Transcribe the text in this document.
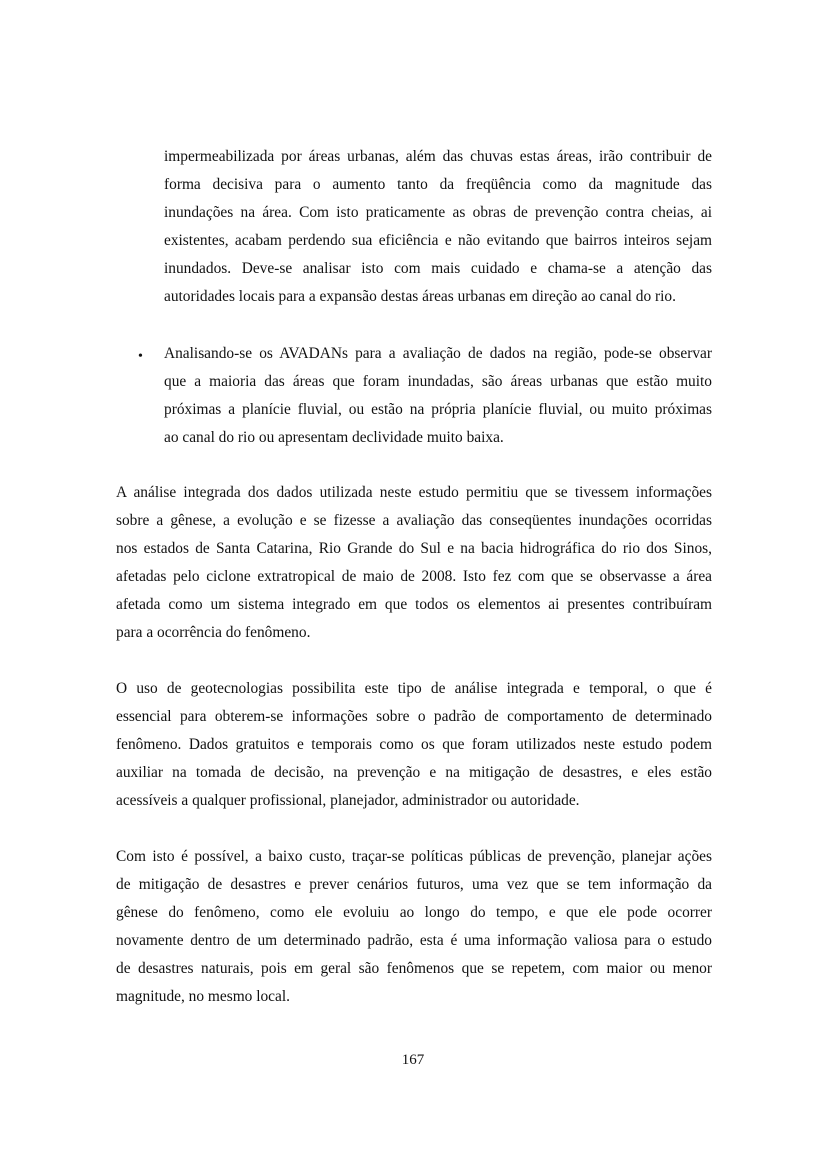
impermeabilizada por áreas urbanas, além das chuvas estas áreas, irão contribuir de
forma decisiva para o aumento tanto da freqüência como da magnitude das
inundações na área. Com isto praticamente as obras de prevenção contra cheias, ai
existentes, acabam perdendo sua eficiência e não evitando que bairros inteiros sejam
inundados. Deve-se analisar isto com mais cuidado e chama-se a atenção das
autoridades locais para a expansão destas áreas urbanas em direção ao canal do rio.
• Analisando-se os AVADANs para a avaliação de dados na região, pode-se observar
que a maioria das áreas que foram inundadas, são áreas urbanas que estão muito
próximas a planície fluvial, ou estão na própria planície fluvial, ou muito próximas
ao canal do rio ou apresentam declividade muito baixa.
A análise integrada dos dados utilizada neste estudo permitiu que se tivessem informações
sobre a gênese, a evolução e se fizesse a avaliação das conseqüentes inundações ocorridas
nos estados de Santa Catarina, Rio Grande do Sul e na bacia hidrográfica do rio dos Sinos,
afetadas pelo ciclone extratropical de maio de 2008. Isto fez com que se observasse a área
afetada como um sistema integrado em que todos os elementos ai presentes contribuíram
para a ocorrência do fenômeno.
O uso de geotecnologias possibilita este tipo de análise integrada e temporal, o que é
essencial para obterem-se informações sobre o padrão de comportamento de determinado
fenômeno. Dados gratuitos e temporais como os que foram utilizados neste estudo podem
auxiliar na tomada de decisão, na prevenção e na mitigação de desastres, e eles estão
acessíveis a qualquer profissional, planejador, administrador ou autoridade.
Com isto é possível, a baixo custo, traçar-se políticas públicas de prevenção, planejar ações
de mitigação de desastres e prever cenários futuros, uma vez que se tem informação da
gênese do fenômeno, como ele evoluiu ao longo do tempo, e que ele pode ocorrer
novamente dentro de um determinado padrão, esta é uma informação valiosa para o estudo
de desastres naturais, pois em geral são fenômenos que se repetem, com maior ou menor
magnitude, no mesmo local.
167
